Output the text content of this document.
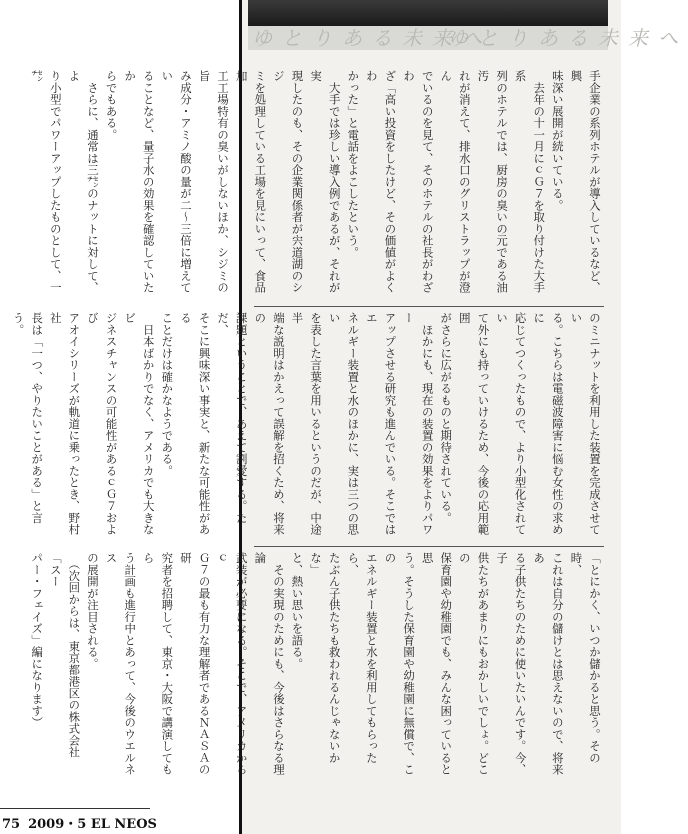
ゆとりある未来へ
ゆとりある未来へ

手企業の系列ホテルが導入しているなど、興

味深い展開が続いている。

　去年の十一月にｃＧ７を取り付けた大手系

列のホテルでは、厨房の臭いの元である油汚

れが消えて、排水口のグリストラップが澄ん

でいるのを見て、そのホテルの社長がわざわ

ざ「高い投資をしたけど、その価値がよくわ

かった」と電話をよこしたという。

　大手では珍しい導入例であるが、それが実

現したのも、その企業関係者が宍道湖のシジ

ミを処理している工場を見にいって、食品加

工工場特有の臭いがしないほか、シジミの旨

み成分・アミノ酸の量が二～三倍に増えてい

ることなど、量子水の効果を確認していたか

らでもある。

　さらに、通常は三㌢のナットに対して、よ

り小型でパワーアップしたものとして、一㌢

のミニナットを利用した装置を完成させてい

る。こちらは電磁波障害に悩む女性の求めに

応じてつくったもので、より小型化されてい

て外にも持っていけるため、今後の応用範囲

がさらに広がるものと期待されている。

　ほかにも、現在の装置の効果をよりパワー

アップさせる研究も進んでいる。そこではエ

ネルギー装置と水のほかに、実は三つの思い

を表した言葉を用いるというのだが、中途半

端な説明はかえって誤解を招くため、将来の

課題ということで、あえて割愛する。ただ、

そこに興味深い事実と、新たな可能性がある

ことだけは確かなようである。

　日本ばかりでなく、アメリカでも大きなビ

ジネスチャンスの可能性があるｃＧ７および

アオイシリーズが軌道に乗ったとき、野村社

長は「一つ、やりたいことがある」と言う。

「とにかく、いつか儲かると思う。その時、

これは自分の儲けとは思えないので、将来あ

る子供たちのために使いたいんです。今、子

供たちがあまりにもおかしいでしょ。どこの

保育園や幼稚園でも、みんな困っていると思

う。そうした保育園や幼稚園に無償で、この

エネルギー装置と水を利用してもらったら、

たぶん子供たちも救われるんじゃないかな」

と、熱い思いを語る。

　その実現のためにも、今後はさらなる理論

武装が必要になる。そこで、アメリカからｃ

Ｇ７の最も有力な理解者であるＮＡＳＡの研

究者を招聘して、東京・大阪で講演してもら

う計画も進行中とあって、今後のウエルネス

の展開が注目される。

　（次回からは、東京都港区の株式会社「スー

パー・フェイズ」編になります）

75 2009・5 EL NEOS
